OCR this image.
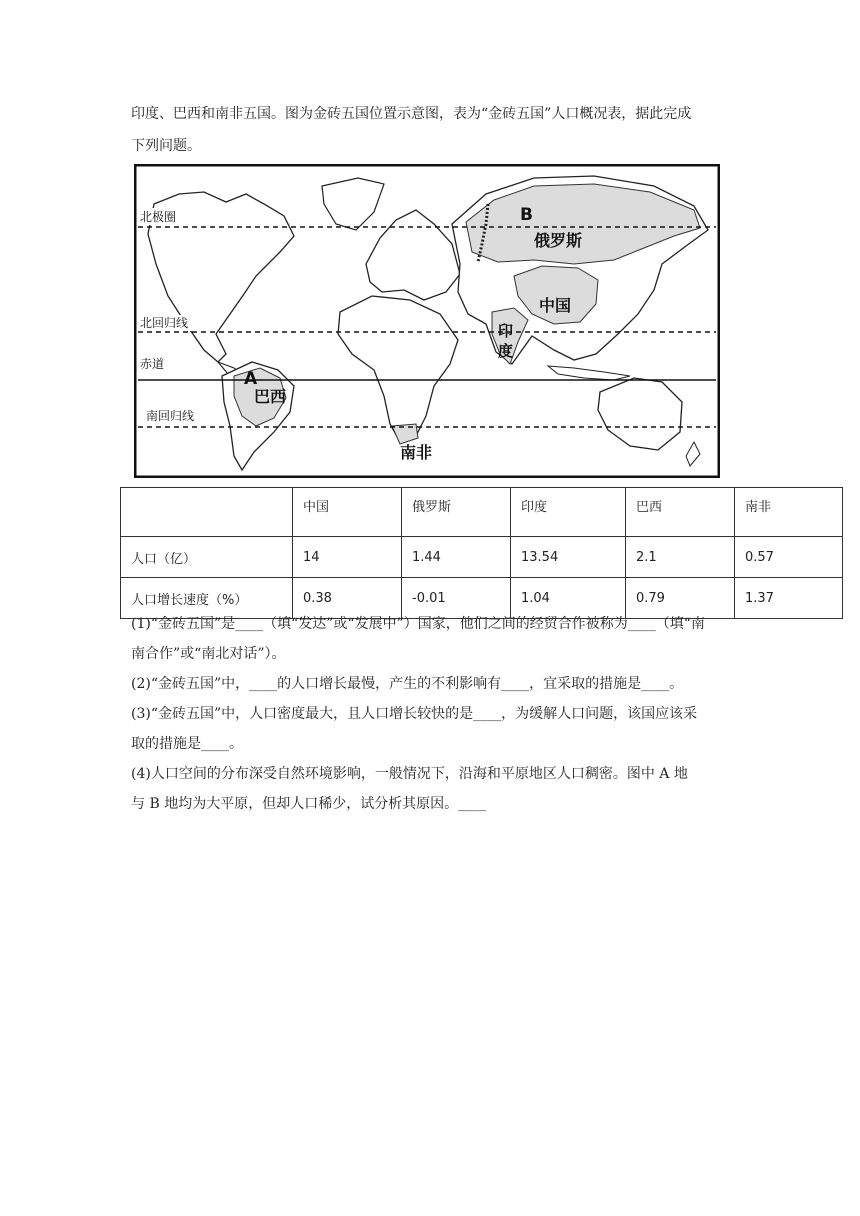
印度、巴西和南非五国。图为金砖五国位置示意图，表为“金砖五国”人口概况表，据此完成

下列问题。

北极圈
北回归线
赤道
南回归线
俄罗斯
B
中国
印
度
A
巴西
南非
	中国	俄罗斯	印度	巴西	南非
人口（亿）	14	1.44	13.54	2.1	0.57
人口增长速度（%）	0.38	-0.01	1.04	0.79	1.37

(1)“金砖五国”是____（填“发达”或“发展中”）国家，他们之间的经贸合作被称为____（填“南

南合作”或“南北对话”）。

(2)“金砖五国”中，____的人口增长最慢，产生的不利影响有____，宜采取的措施是____。

(3)“金砖五国”中，人口密度最大，且人口增长较快的是____，为缓解人口问题，该国应该采

取的措施是____。

(4)人口空间的分布深受自然环境影响，一般情况下，沿海和平原地区人口稠密。图中 A 地

与 B 地均为大平原，但却人口稀少，试分析其原因。____
